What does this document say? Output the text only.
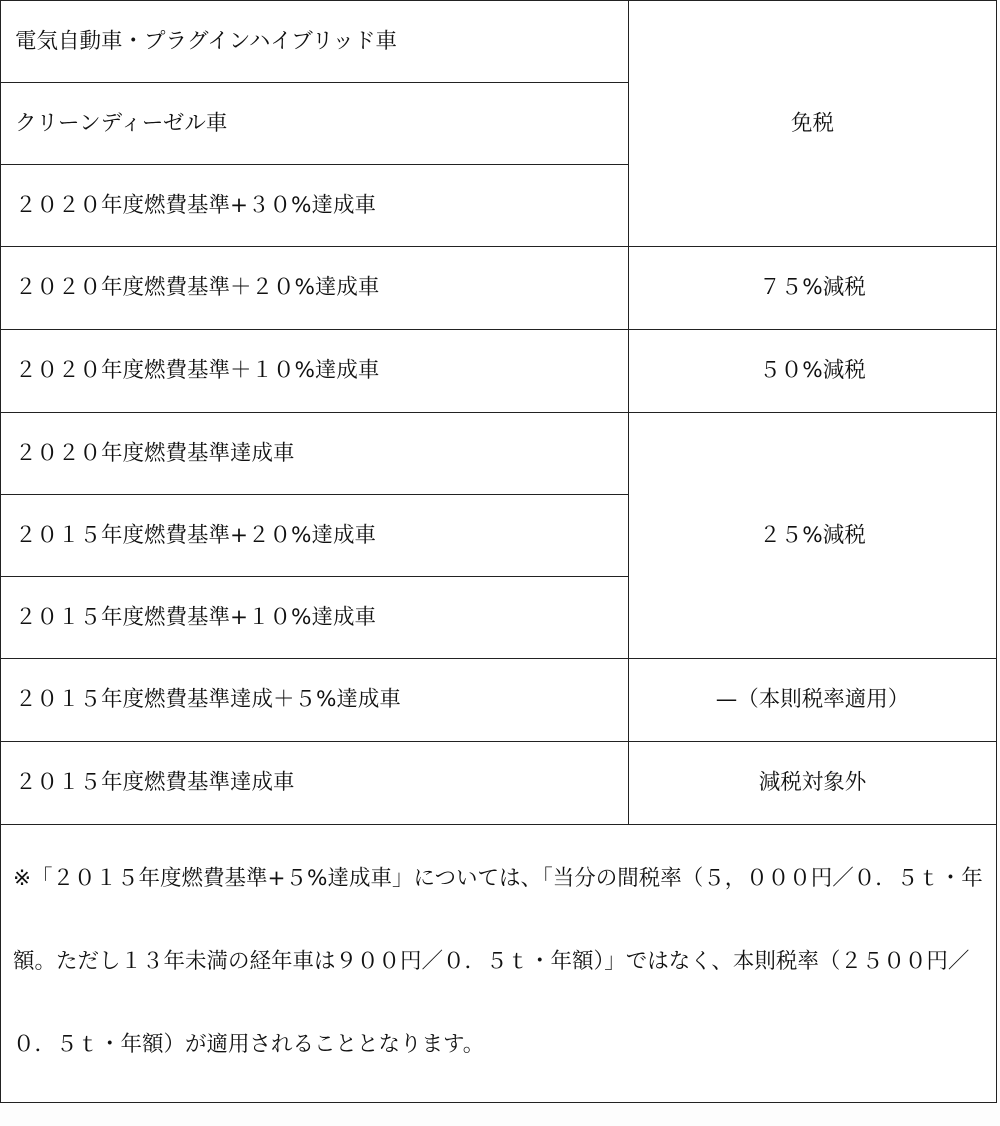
電気自動車・プラグインハイブリッド車	免税
クリーンディーゼル車	
２０２０年度燃費基準+３０%達成車	
２０２０年度燃費基準＋２０%達成車	７５%減税
２０２０年度燃費基準＋１０%達成車	５０%減税
２０２０年度燃費基準達成車	２５%減税
２０１５年度燃費基準+２０%達成車	
２０１５年度燃費基準+１０%達成車	
２０１５年度燃費基準達成＋５%達成車	—（本則税率適用）
２０１５年度燃費基準達成車	減税対象外
※「２０１５年度燃費基準+５%達成車」については、「当分の間税率（５，０００円／０．５ｔ・年額。ただし１３年未満の経年車は９００円／０．５ｔ・年額）」ではなく、本則税率（２５００円／０．５ｔ・年額）が適用されることとなります。	
